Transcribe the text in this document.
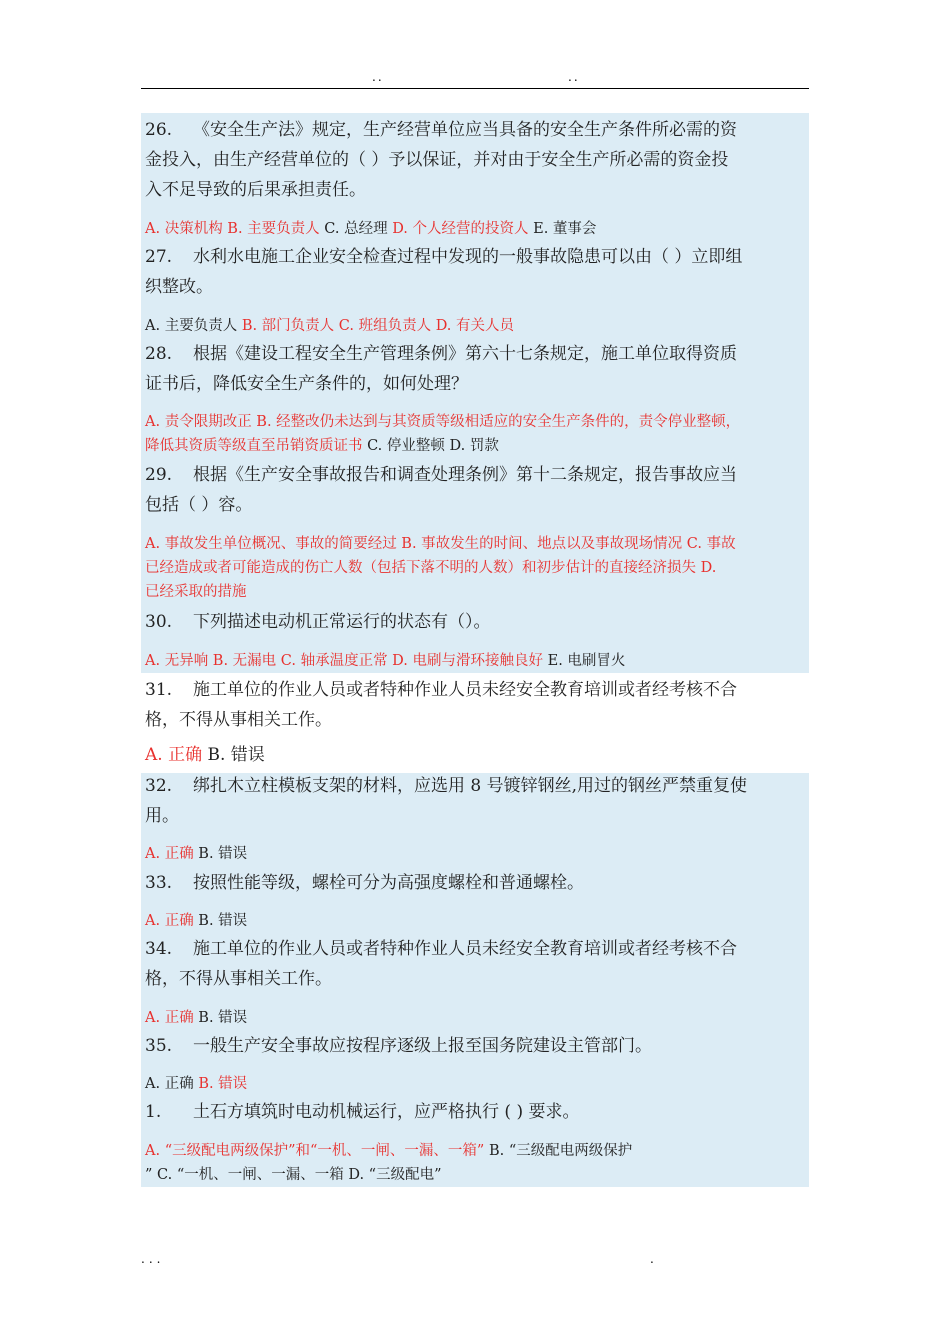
..	..
26. 《安全生产法》规定，生产经营单位应当具备的安全生产条件所必需的资
金投入，由生产经营单位的（ ）予以保证，并对由于安全生产所必需的资金投
入不足导致的后果承担责任。
A. 决策机构 B. 主要负责人 C. 总经理 D. 个人经营的投资人 E. 董事会
27. 水利水电施工企业安全检查过程中发现的一般事故隐患可以由（ ）立即组
织整改。
A. 主要负责人 B. 部门负责人 C. 班组负责人 D. 有关人员
28. 根据《建设工程安全生产管理条例》第六十七条规定，施工单位取得资质
证书后，降低安全生产条件的，如何处理？
A. 责令限期改正 B. 经整改仍未达到与其资质等级相适应的安全生产条件的，责令停业整顿，
降低其资质等级直至吊销资质证书 C. 停业整顿 D. 罚款
29. 根据《生产安全事故报告和调查处理条例》第十二条规定，报告事故应当
包括（ ）容。
A. 事故发生单位概况、事故的简要经过 B. 事故发生的时间、地点以及事故现场情况 C. 事故
已经造成或者可能造成的伤亡人数（包括下落不明的人数）和初步估计的直接经济损失 D.
已经采取的措施
30. 下列描述电动机正常运行的状态有（）。
A. 无异响 B. 无漏电 C. 轴承温度正常 D. 电刷与滑环接触良好 E. 电刷冒火
31. 施工单位的作业人员或者特种作业人员未经安全教育培训或者经考核不合
格，不得从事相关工作。
A. 正确 B. 错误
32. 绑扎木立柱模板支架的材料，应选用 8 号镀锌钢丝,用过的钢丝严禁重复使
用。
A. 正确 B. 错误
33. 按照性能等级，螺栓可分为高强度螺栓和普通螺栓。
A. 正确 B. 错误
34. 施工单位的作业人员或者特种作业人员未经安全教育培训或者经考核不合
格，不得从事相关工作。
A. 正确 B. 错误
35. 一般生产安全事故应按程序逐级上报至国务院建设主管部门。
A. 正确 B. 错误
1. 土石方填筑时电动机械运行，应严格执行 ( ) 要求。
A. “三级配电两级保护”和“一机、一闸、一漏、一箱” B. “三级配电两级保护
” C. “一机、一闸、一漏、一箱 D. “三级配电”
...	.
